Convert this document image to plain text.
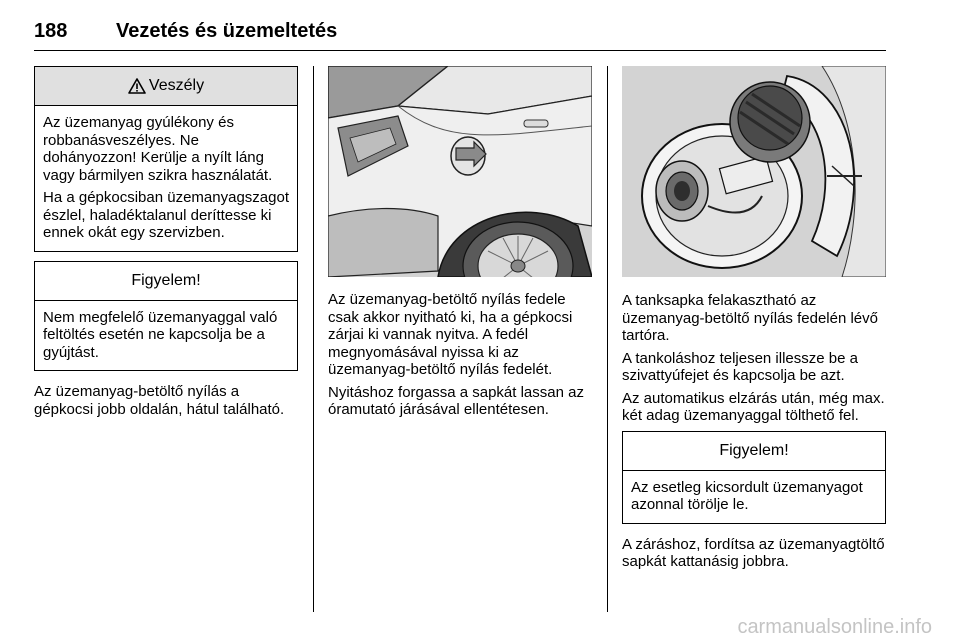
188	Vezetés és üzemeltetés
Veszély

Az üzemanyag gyúlékony és robbanásveszélyes. Ne dohányozzon! Kerülje a nyílt láng vagy bármilyen szikra használatát.

Ha a gépkocsiban üzemanyagszagot észlel, haladéktalanul deríttesse ki ennek okát egy szervizben.

Figyelem!

Nem megfelelő üzemanyaggal való feltöltés esetén ne kapcsolja be a gyújtást.

Az üzemanyag-betöltő nyílás a gépkocsi jobb oldalán, hátul található.

Az üzemanyag-betöltő nyílás fedele csak akkor nyitható ki, ha a gépkocsi zárjai ki vannak nyitva. A fedél megnyomásával nyissa ki az üzemanyag-betöltő nyílás fedelét.

Nyitáshoz forgassa a sapkát lassan az óramutató járásával ellentétesen.

A tanksapka felakasztható az üzemanyag-betöltő nyílás fedelén lévő tartóra.

A tankoláshoz teljesen illessze be a szivattyúfejet és kapcsolja be azt.

Az automatikus elzárás után, még max. két adag üzemanyaggal tölthető fel.

Figyelem!

Az esetleg kicsordult üzemanyagot azonnal törölje le.

A záráshoz, fordítsa az üzemanyagtöltő sapkát kattanásig jobbra.

carmanualsonline.info
